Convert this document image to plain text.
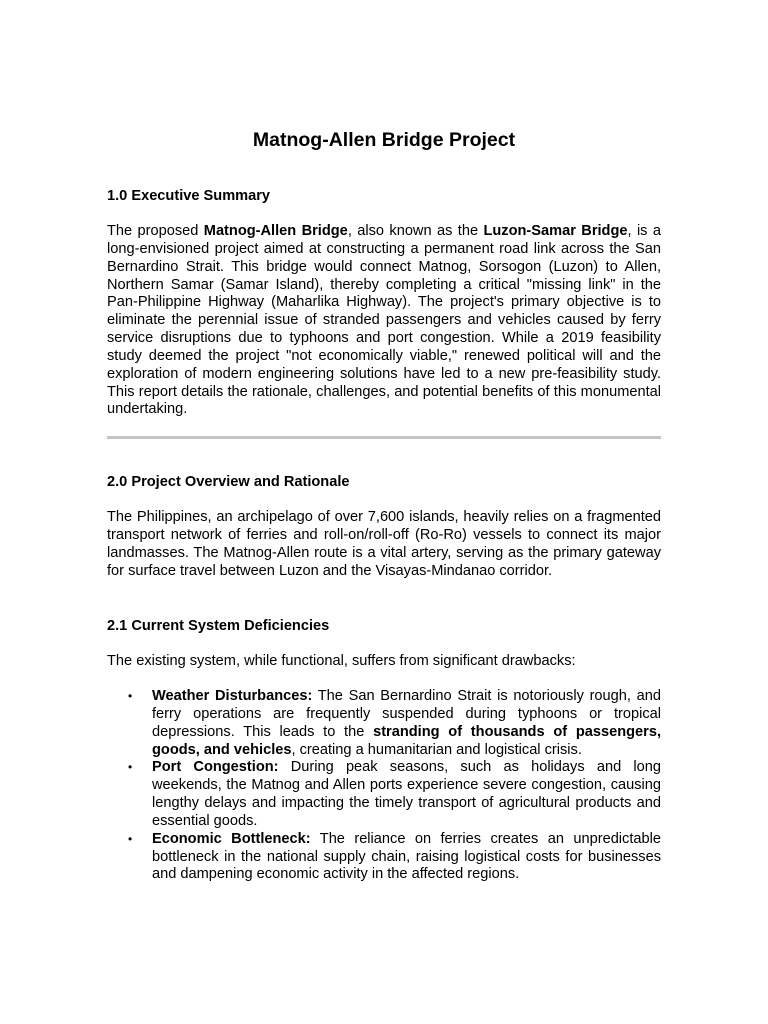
Matnog-Allen Bridge Project
1.0 Executive Summary

The proposed Matnog-Allen Bridge, also known as the Luzon-Samar Bridge, is a long-envisioned project aimed at constructing a permanent road link across the San Bernardino Strait. This bridge would connect Matnog, Sorsogon (Luzon) to Allen, Northern Samar (Samar Island), thereby completing a critical "missing link" in the Pan-Philippine Highway (Maharlika Highway). The project's primary objective is to eliminate the perennial issue of stranded passengers and vehicles caused by ferry service disruptions due to typhoons and port congestion. While a 2019 feasibility study deemed the project "not economically viable," renewed political will and the exploration of modern engineering solutions have led to a new pre-feasibility study. This report details the rationale, challenges, and potential benefits of this monumental undertaking.

2.0 Project Overview and Rationale

The Philippines, an archipelago of over 7,600 islands, heavily relies on a fragmented transport network of ferries and roll-on/roll-off (Ro-Ro) vessels to connect its major landmasses. The Matnog-Allen route is a vital artery, serving as the primary gateway for surface travel between Luzon and the Visayas-Mindanao corridor.

2.1 Current System Deficiencies

The existing system, while functional, suffers from significant drawbacks:

• Weather Disturbances: The San Bernardino Strait is notoriously rough, and ferry operations are frequently suspended during typhoons or tropical depressions. This leads to the stranding of thousands of passengers, goods, and vehicles, creating a humanitarian and logistical crisis.
• Port Congestion: During peak seasons, such as holidays and long weekends, the Matnog and Allen ports experience severe congestion, causing lengthy delays and impacting the timely transport of agricultural products and essential goods.
• Economic Bottleneck: The reliance on ferries creates an unpredictable bottleneck in the national supply chain, raising logistical costs for businesses and dampening economic activity in the affected regions.
